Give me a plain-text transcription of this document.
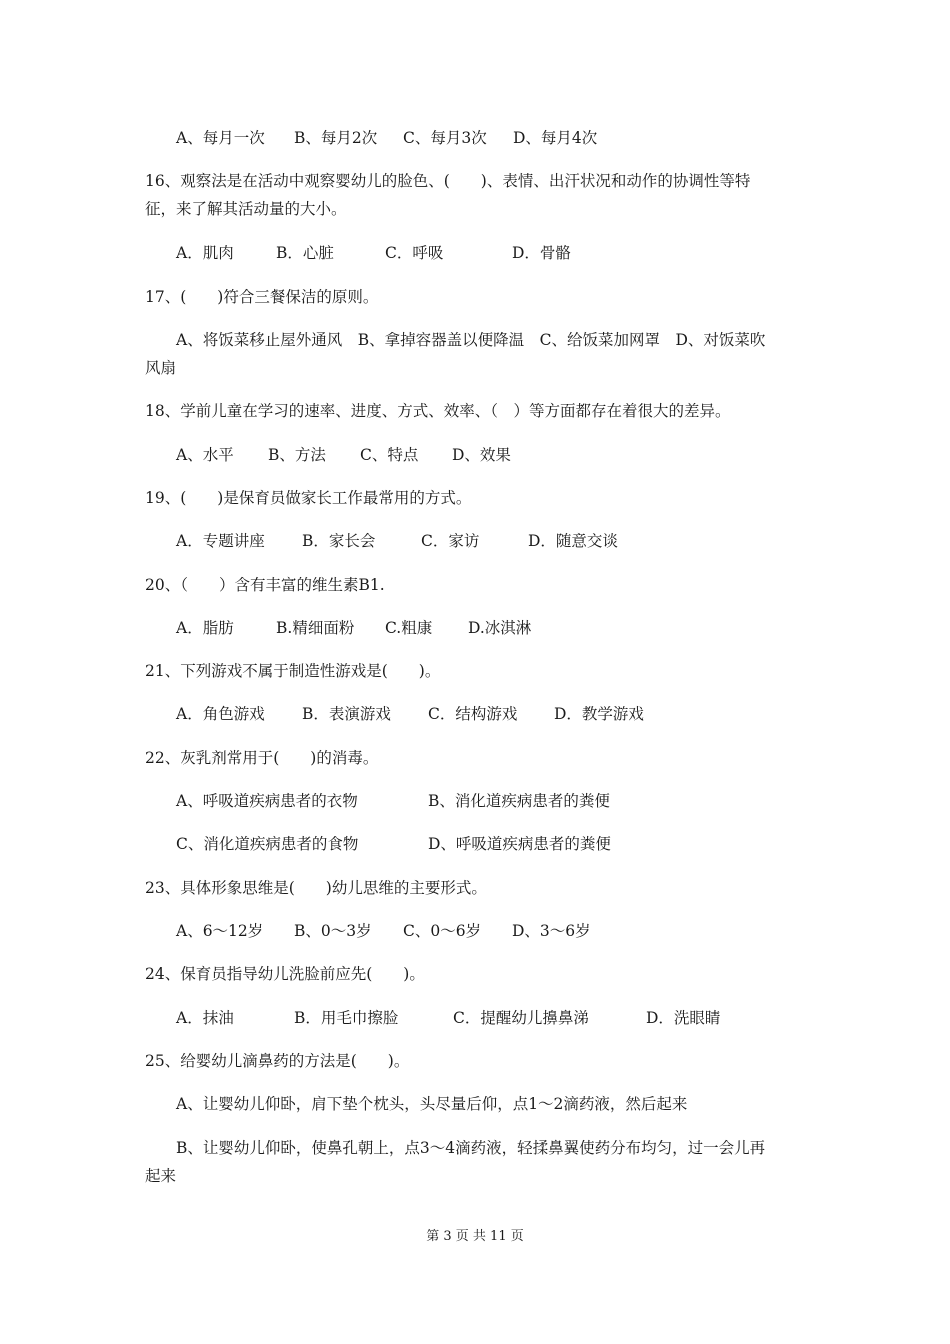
A、每月一次 B、每月2次 C、每月3次 D、每月4次
16、观察法是在活动中观察婴幼儿的脸色、(　　)、表情、出汗状况和动作的协调性等特
征，来了解其活动量的大小。
A．肌肉	B．心脏	C．呼吸	D．骨骼
17、(　　)符合三餐保洁的原则。
A、将饭菜移止屋外通风　B、拿掉容器盖以便降温　C、给饭菜加网罩　D、对饭菜吹
风扇
18、学前儿童在学习的速率、进度、方式、效率、（　）等方面都存在着很大的差异。
A、水平 B、方法 C、特点 D、效果
19、(　　)是保育员做家长工作最常用的方式。
A．专题讲座 B．家长会	C．家访	D．随意交谈
20、（　　）含有丰富的维生素B1.
A．脂肪	B.精细面粉 C.粗康 D.冰淇淋
21、下列游戏不属于制造性游戏是(　　)。
A．角色游戏 B．表演游戏 C．结构游戏 D．教学游戏
22、灰乳剂常用于(　　)的消毒。
A、呼吸道疾病患者的衣物	B、消化道疾病患者的粪便
C、消化道疾病患者的食物	D、呼吸道疾病患者的粪便
23、具体形象思维是(　　)幼儿思维的主要形式。
A、6～12岁 B、0～3岁 C、0～6岁 D、3～6岁
24、保育员指导幼儿洗脸前应先(　　)。
A．抹油	B．用毛巾擦脸	C．提醒幼儿擤鼻涕	D．洗眼睛
25、给婴幼儿滴鼻药的方法是(　　)。
A、让婴幼儿仰卧，肩下垫个枕头，头尽量后仰，点1～2滴药液，然后起来
B、让婴幼儿仰卧，使鼻孔朝上，点3～4滴药液，轻揉鼻翼使药分布均匀，过一会儿再
起来
第 3 页 共 11 页
